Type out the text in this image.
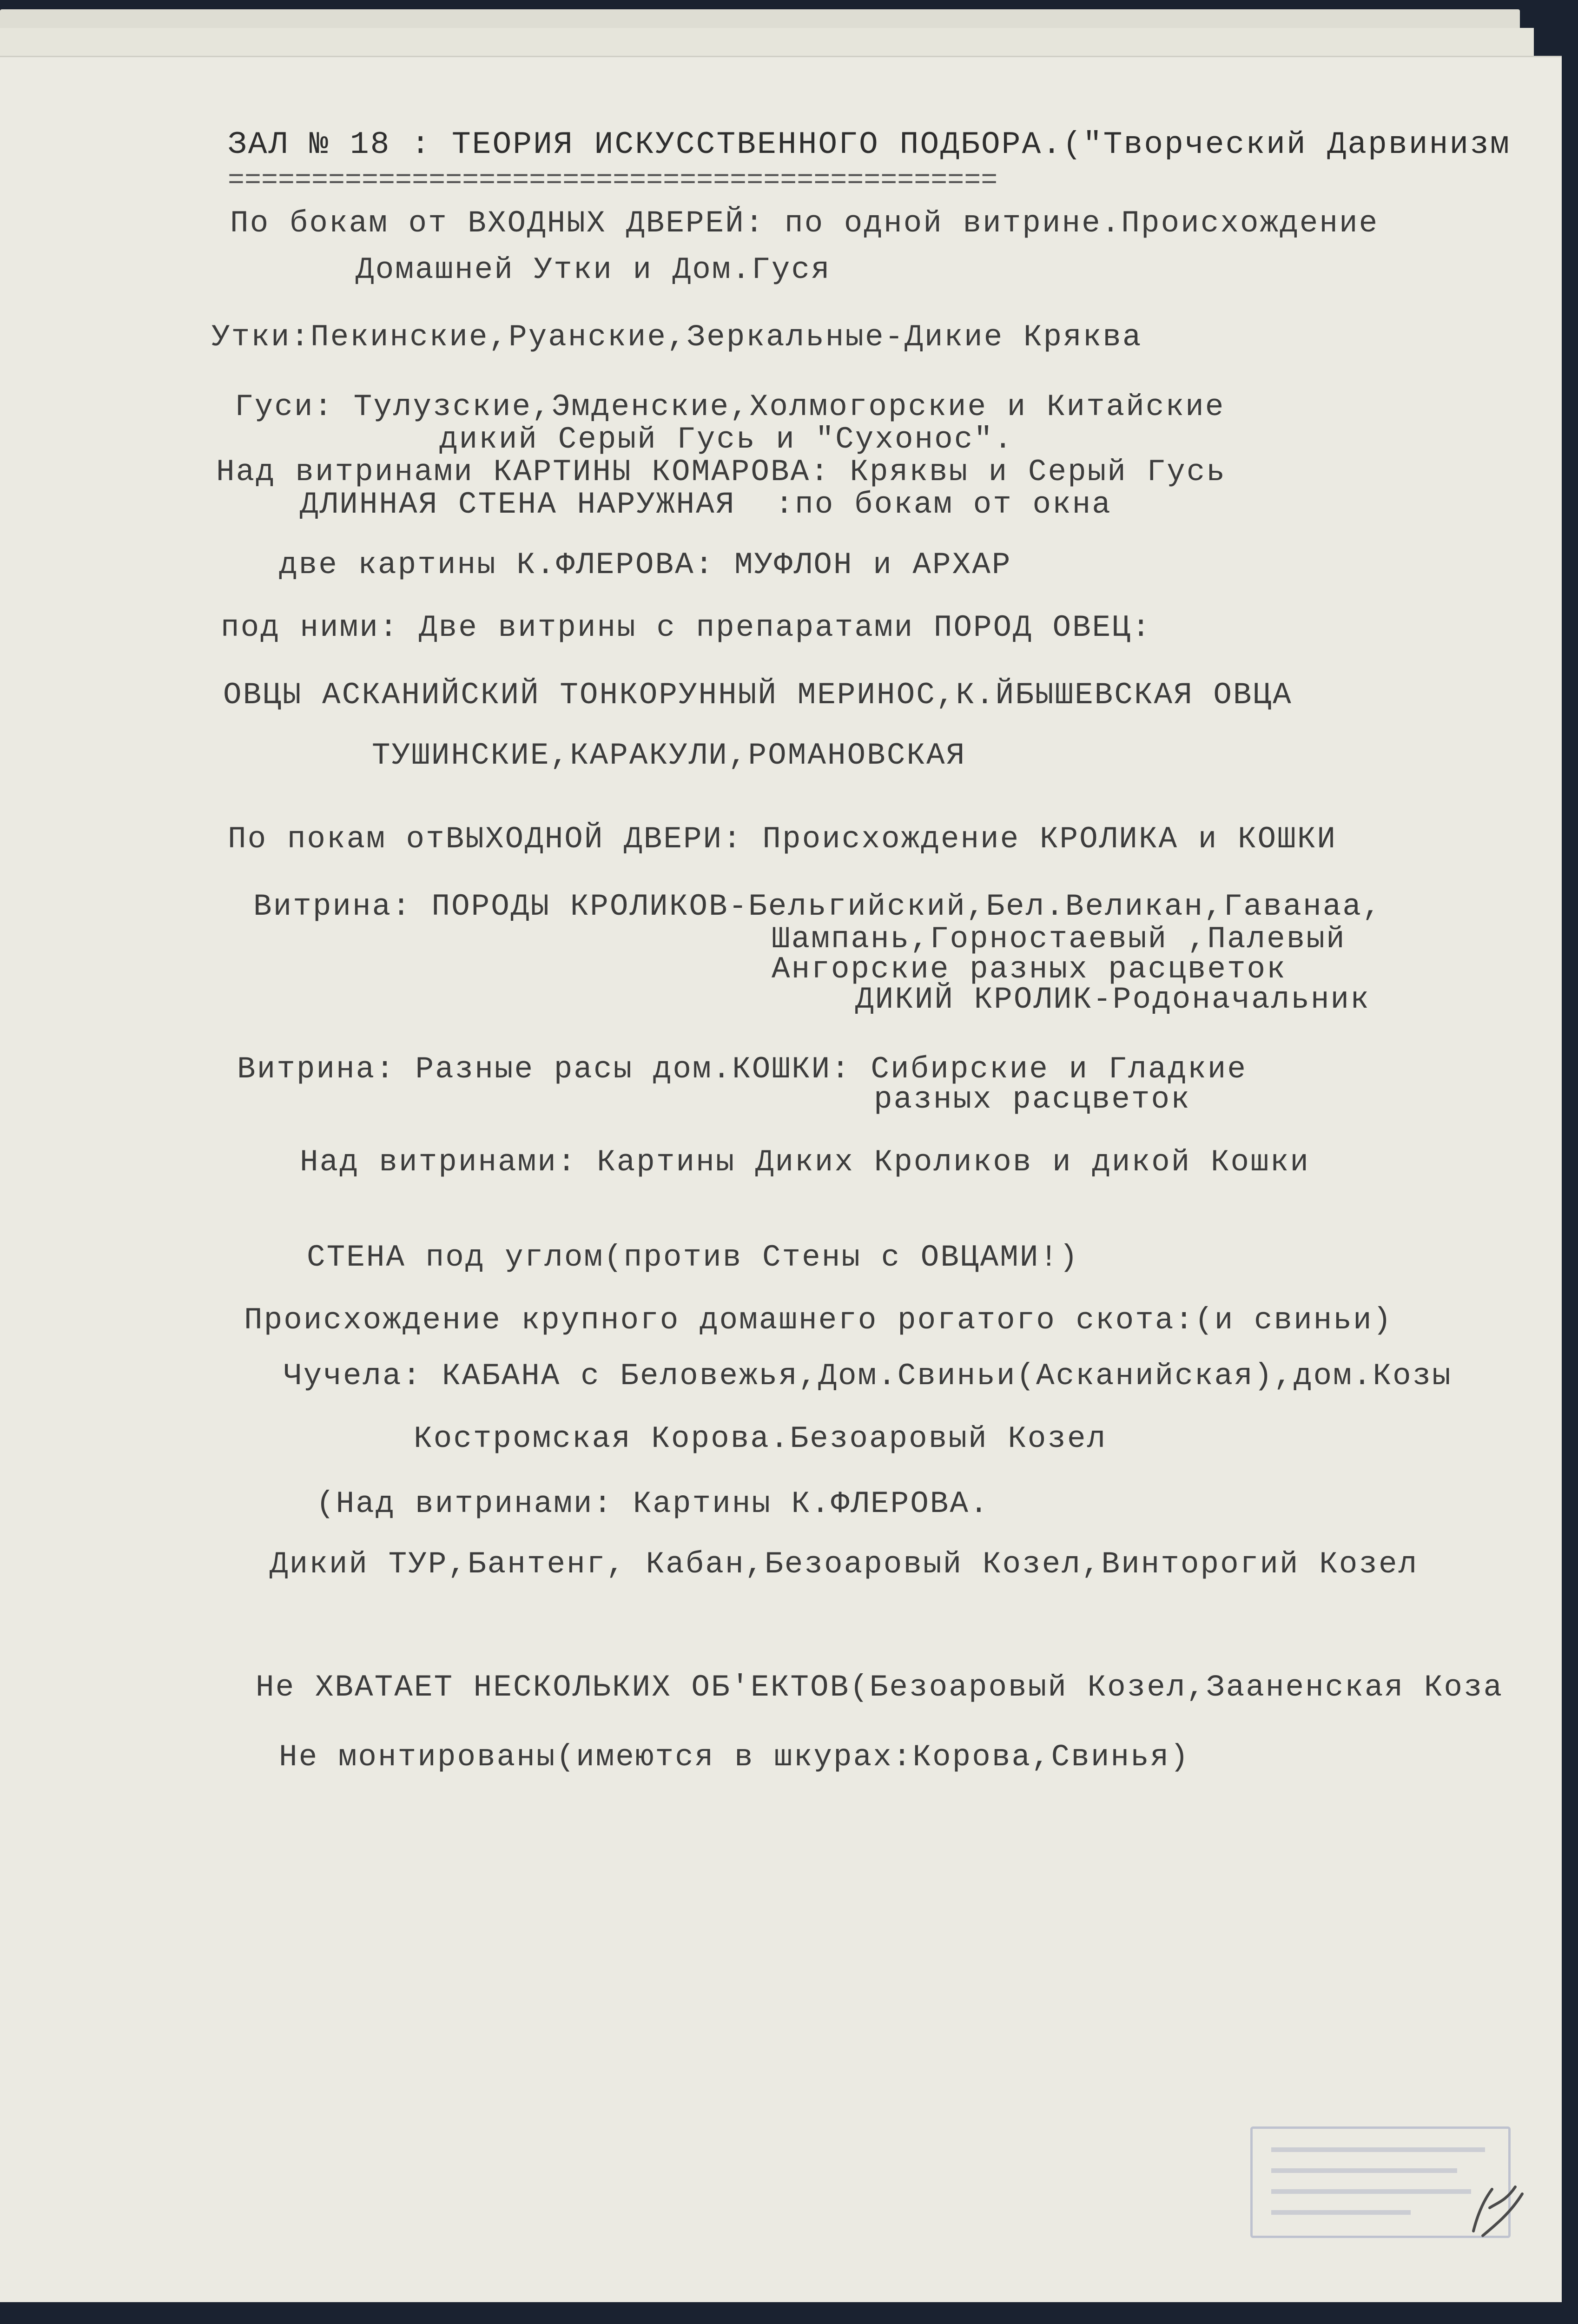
ЗАЛ № 18 : ТЕОРИЯ ИСКУССТВЕННОГО ПОДБОРА.("Творческий Дарвинизм
==============================================
По бокам от ВХОДНЫХ ДВЕРЕЙ: по одной витрине.Происхождение
Домашней Утки и Дом.Гуся
Утки:Пекинские,Руанские,Зеркальные-Дикие Кряква
Гуси: Тулузские,Эмденские,Холмогорские и Китайские
дикий Серый Гусь и "Сухонос".
Над витринами КАРТИНЫ КОМАРОВА: Кряквы и Серый Гусь
ДЛИННАЯ СТЕНА НАРУЖНАЯ  :по бокам от окна
две картины К.ФЛЕРОВА: МУФЛОН и АРХАР
под ними: Две витрины с препаратами ПОРОД ОВЕЦ:
ОВЦЫ АСКАНИЙСКИЙ ТОНКОРУННЫЙ МЕРИНОС,К.ЙБЫШЕВСКАЯ ОВЦА
ТУШИНСКИЕ,КАРАКУЛИ,РОМАНОВСКАЯ
По покам отВЫХОДНОЙ ДВЕРИ: Происхождение КРОЛИКА и КОШКИ
Витрина: ПОРОДЫ КРОЛИКОВ-Бельгийский,Бел.Великан,Гаванаа,
Шампань,Горностаевый ,Палевый
Ангорские разных расцветок
ДИКИЙ КРОЛИК-Родоначальник
Витрина: Разные расы дом.КОШКИ: Сибирские и Гладкие
разных расцветок
Над витринами: Картины Диких Кроликов и дикой Кошки
СТЕНА под углом(против Стены с ОВЦАМИ!)
Происхождение крупного домашнего рогатого скота:(и свиньи)
Чучела: КАБАНА с Беловежья,Дом.Свиньи(Асканийская),дом.Козы
Костромская Корова.Безоаровый Козел
(Над витринами: Картины К.ФЛЕРОВА.
Дикий ТУР,Бантенг, Кабан,Безоаровый Козел,Винторогий Козел
Не ХВАТАЕТ НЕСКОЛЬКИХ ОБ'ЕКТОВ(Безоаровый Козел,Зааненская Коза
Не монтированы(имеются в шкурах:Корова,Свинья)
